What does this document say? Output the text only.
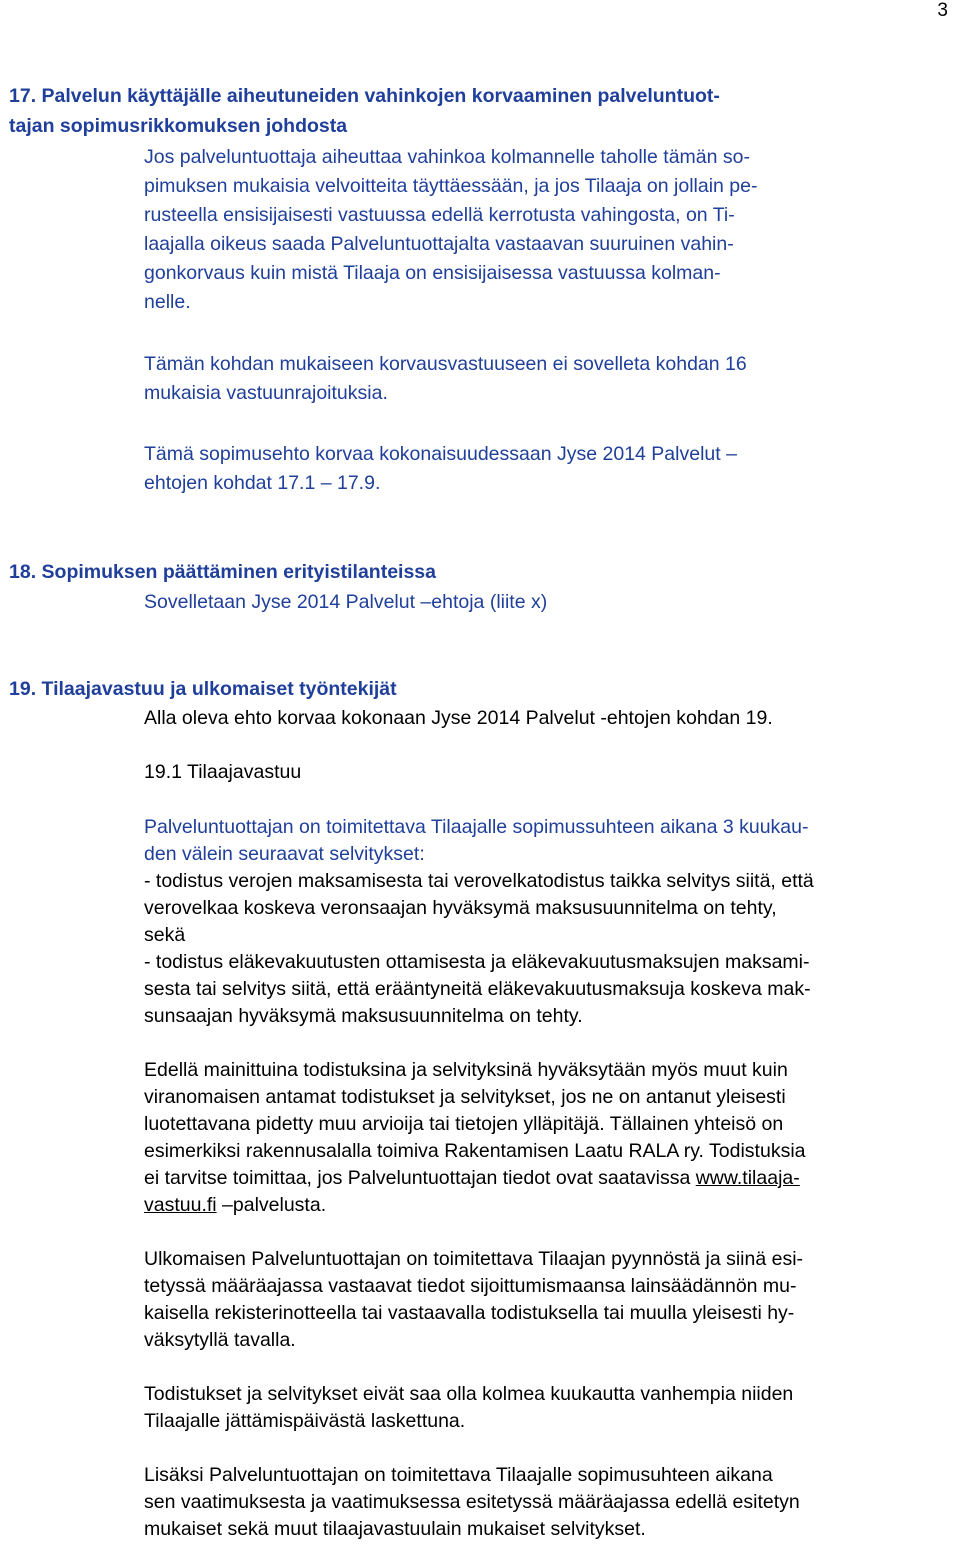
3
17. Palvelun käyttäjälle aiheutuneiden vahinkojen korvaaminen palveluntuot-
tajan sopimusrikkomuksen johdosta
Jos palveluntuottaja aiheuttaa vahinkoa kolmannelle taholle tämän so-
pimuksen mukaisia velvoitteita täyttäessään, ja jos Tilaaja on jollain pe-
rusteella ensisijaisesti vastuussa edellä kerrotusta vahingosta, on Ti-
laajalla oikeus saada Palveluntuottajalta vastaavan suuruinen vahin-
gonkorvaus kuin mistä Tilaaja on ensisijaisessa vastuussa kolman-
nelle.
Tämän kohdan mukaiseen korvausvastuuseen ei sovelleta kohdan 16
mukaisia vastuunrajoituksia.
Tämä sopimusehto korvaa kokonaisuudessaan Jyse 2014 Palvelut –
ehtojen kohdat 17.1 – 17.9.
18. Sopimuksen päättäminen erityistilanteissa
Sovelletaan Jyse 2014 Palvelut –ehtoja (liite x)
19. Tilaajavastuu ja ulkomaiset työntekijät
Alla oleva ehto korvaa kokonaan Jyse 2014 Palvelut -ehtojen kohdan 19.
19.1 Tilaajavastuu
Palveluntuottajan on toimitettava Tilaajalle sopimussuhteen aikana 3 kuukau-
den välein seuraavat selvitykset:
- todistus verojen maksamisesta tai verovelkatodistus taikka selvitys siitä, että
verovelkaa koskeva veronsaajan hyväksymä maksusuunnitelma on tehty,
sekä
- todistus eläkevakuutusten ottamisesta ja eläkevakuutusmaksujen maksami-
sesta tai selvitys siitä, että erääntyneitä eläkevakuutusmaksuja koskeva mak-
sunsaajan hyväksymä maksusuunnitelma on tehty.
Edellä mainittuina todistuksina ja selvityksinä hyväksytään myös muut kuin
viranomaisen antamat todistukset ja selvitykset, jos ne on antanut yleisesti
luotettavana pidetty muu arvioija tai tietojen ylläpitäjä. Tällainen yhteisö on
esimerkiksi rakennusalalla toimiva Rakentamisen Laatu RALA ry. Todistuksia
ei tarvitse toimittaa, jos Palveluntuottajan tiedot ovat saatavissa www.tilaaja-
vastuu.fi –palvelusta.
Ulkomaisen Palveluntuottajan on toimitettava Tilaajan pyynnöstä ja siinä esi-
tetyssä määräajassa vastaavat tiedot sijoittumismaansa lainsäädännön mu-
kaisella rekisterinotteella tai vastaavalla todistuksella tai muulla yleisesti hy-
väksytyllä tavalla.
Todistukset ja selvitykset eivät saa olla kolmea kuukautta vanhempia niiden
Tilaajalle jättämispäivästä laskettuna.
Lisäksi Palveluntuottajan on toimitettava Tilaajalle sopimusuhteen aikana
sen vaatimuksesta ja vaatimuksessa esitetyssä määräajassa edellä esitetyn
mukaiset sekä muut tilaajavastuulain mukaiset selvitykset.
